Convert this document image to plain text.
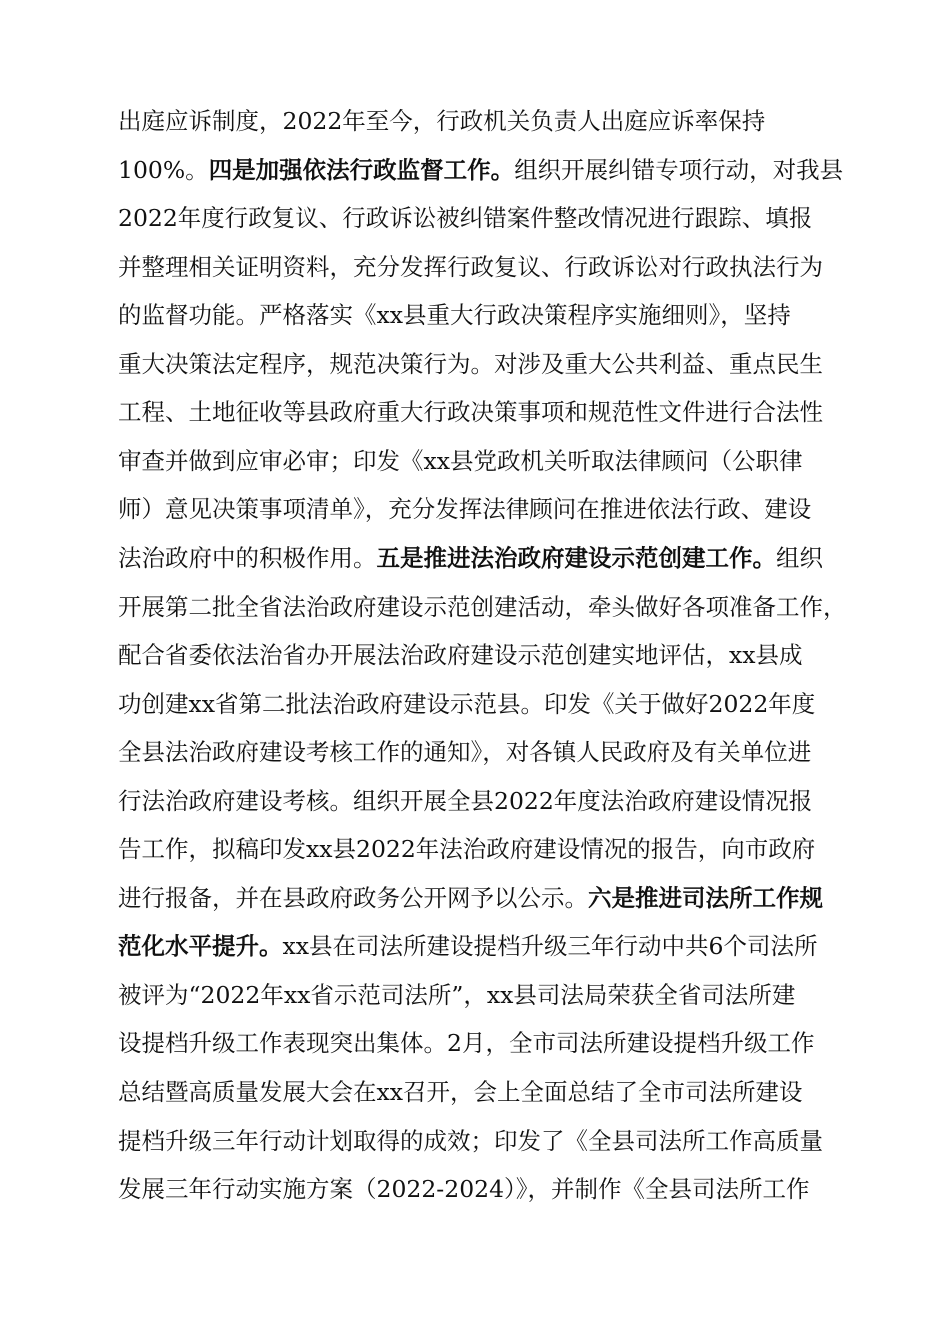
出庭应诉制度，2022年至今，行政机关负责人出庭应诉率保持
100%。四是加强依法行政监督工作。组织开展纠错专项行动，对我县
2022年度行政复议、行政诉讼被纠错案件整改情况进行跟踪、填报
并整理相关证明资料，充分发挥行政复议、行政诉讼对行政执法行为
的监督功能。严格落实《xx县重大行政决策程序实施细则》，坚持
重大决策法定程序，规范决策行为。对涉及重大公共利益、重点民生
工程、土地征收等县政府重大行政决策事项和规范性文件进行合法性
审查并做到应审必审；印发《xx县党政机关听取法律顾问（公职律
师）意见决策事项清单》，充分发挥法律顾问在推进依法行政、建设
法治政府中的积极作用。五是推进法治政府建设示范创建工作。组织
开展第二批全省法治政府建设示范创建活动，牵头做好各项准备工作，
配合省委依法治省办开展法治政府建设示范创建实地评估，xx县成
功创建xx省第二批法治政府建设示范县。印发《关于做好2022年度
全县法治政府建设考核工作的通知》，对各镇人民政府及有关单位进
行法治政府建设考核。组织开展全县2022年度法治政府建设情况报
告工作，拟稿印发xx县2022年法治政府建设情况的报告，向市政府
进行报备，并在县政府政务公开网予以公示。六是推进司法所工作规
范化水平提升。xx县在司法所建设提档升级三年行动中共6个司法所
被评为“2022年xx省示范司法所”，xx县司法局荣获全省司法所建
设提档升级工作表现突出集体。2月，全市司法所建设提档升级工作
总结暨高质量发展大会在xx召开，会上全面总结了全市司法所建设
提档升级三年行动计划取得的成效；印发了《全县司法所工作高质量
发展三年行动实施方案（2022-2024）》，并制作《全县司法所工作
